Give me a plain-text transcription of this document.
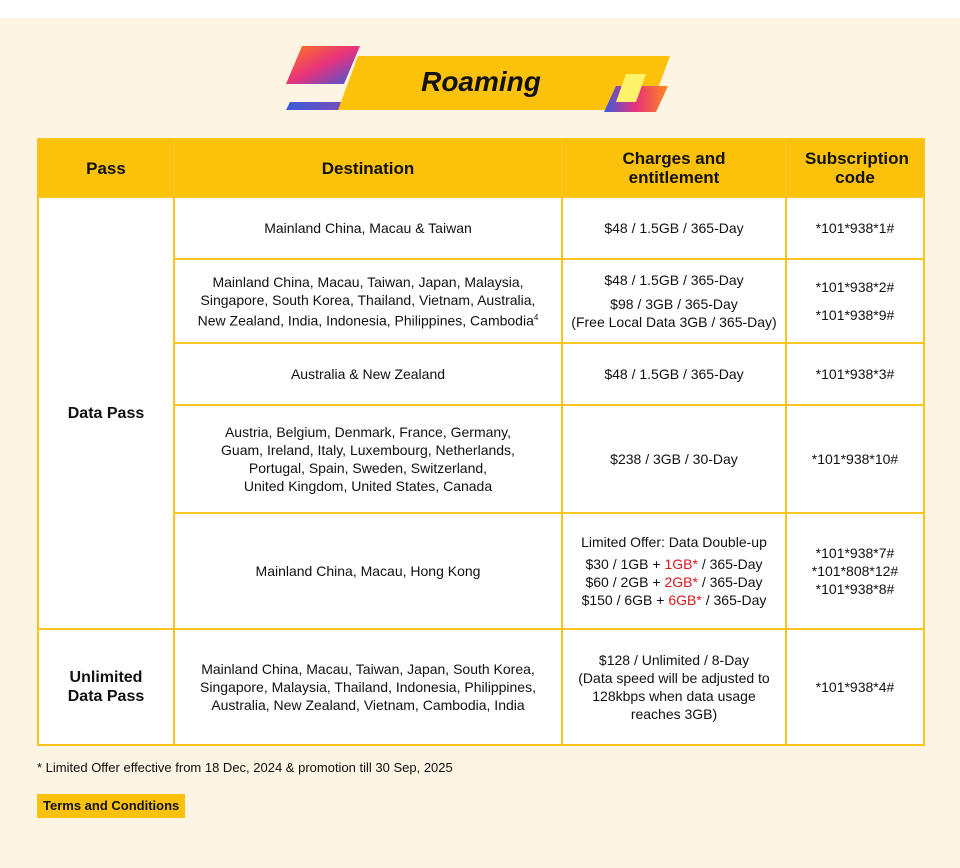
Roaming
Pass	Destination	Charges and entitlement	Subscription code
Data Pass	Mainland China, Macau & Taiwan	$48 / 1.5GB / 365-Day	*101*938*1#

	Mainland China, Macau, Taiwan, Japan, Malaysia,
Singapore, South Korea, Thailand, Vietnam, Australia,
New Zealand, India, Indonesia, Philippines, Cambodia$^4$	$48 / 1.5GB / 365-Day
$98 / 3GB / 365-Day
(Free Local Data 3GB / 365-Day)	*101*938*2#
*101*938*9#

	Australia & New Zealand	$48 / 1.5GB / 365-Day	*101*938*3#

	Austria, Belgium, Denmark, France, Germany,
Guam, Ireland, Italy, Luxembourg, Netherlands,
Portugal, Spain, Sweden, Switzerland,
United Kingdom, United States, Canada	$238 / 3GB / 30-Day	*101*938*10#
	Mainland China, Macau, Hong Kong	Limited Offer: Data Double-up
$30 / 1GB + 1GB* / 365-Day
$60 / 2GB + 2GB* / 365-Day
$150 / 6GB + 6GB* / 365-Day	*101*938*7#
*101*808*12#
*101*938*8#

Unlimited
Data Pass	Mainland China, Macau, Taiwan, Japan, South Korea,
Singapore, Malaysia, Thailand, Indonesia, Philippines,
Australia, New Zealand, Vietnam, Cambodia, India	$128 / Unlimited / 8-Day
(Data speed will be adjusted to
128kbps when data usage
reaches 3GB)	*101*938*4#
* Limited Offer effective from 18 Dec, 2024 & promotion till 30 Sep, 2025
Terms and Conditions
